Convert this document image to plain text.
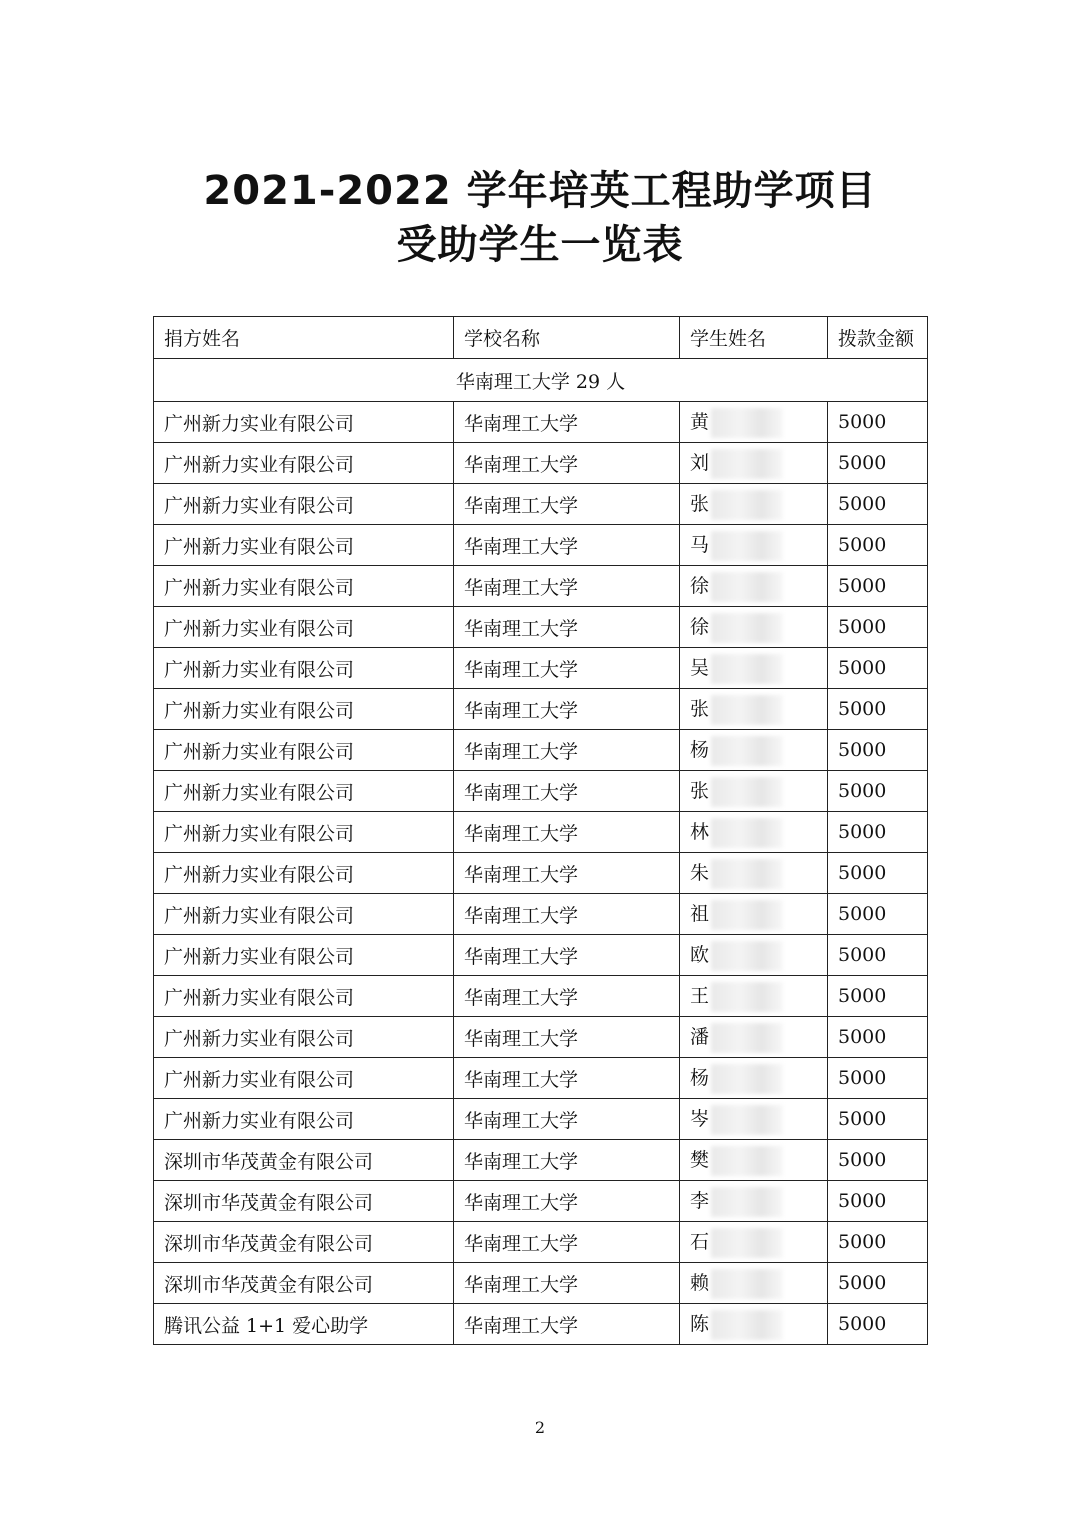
2021-2022 学年培英工程助学项目
受助学生一览表
捐方姓名	学校名称	学生姓名	拨款金额
华南理工大学 29 人			
广州新力实业有限公司	华南理工大学	黄	5000
广州新力实业有限公司	华南理工大学	刘	5000
广州新力实业有限公司	华南理工大学	张	5000
广州新力实业有限公司	华南理工大学	马	5000
广州新力实业有限公司	华南理工大学	徐	5000
广州新力实业有限公司	华南理工大学	徐	5000
广州新力实业有限公司	华南理工大学	吴	5000
广州新力实业有限公司	华南理工大学	张	5000
广州新力实业有限公司	华南理工大学	杨	5000
广州新力实业有限公司	华南理工大学	张	5000
广州新力实业有限公司	华南理工大学	林	5000
广州新力实业有限公司	华南理工大学	朱	5000
广州新力实业有限公司	华南理工大学	祖	5000
广州新力实业有限公司	华南理工大学	欧	5000
广州新力实业有限公司	华南理工大学	王	5000
广州新力实业有限公司	华南理工大学	潘	5000
广州新力实业有限公司	华南理工大学	杨	5000
广州新力实业有限公司	华南理工大学	岑	5000
深圳市华茂黄金有限公司	华南理工大学	樊	5000
深圳市华茂黄金有限公司	华南理工大学	李	5000
深圳市华茂黄金有限公司	华南理工大学	石	5000
深圳市华茂黄金有限公司	华南理工大学	赖	5000
腾讯公益 1+1 爱心助学	华南理工大学	陈	5000
2
